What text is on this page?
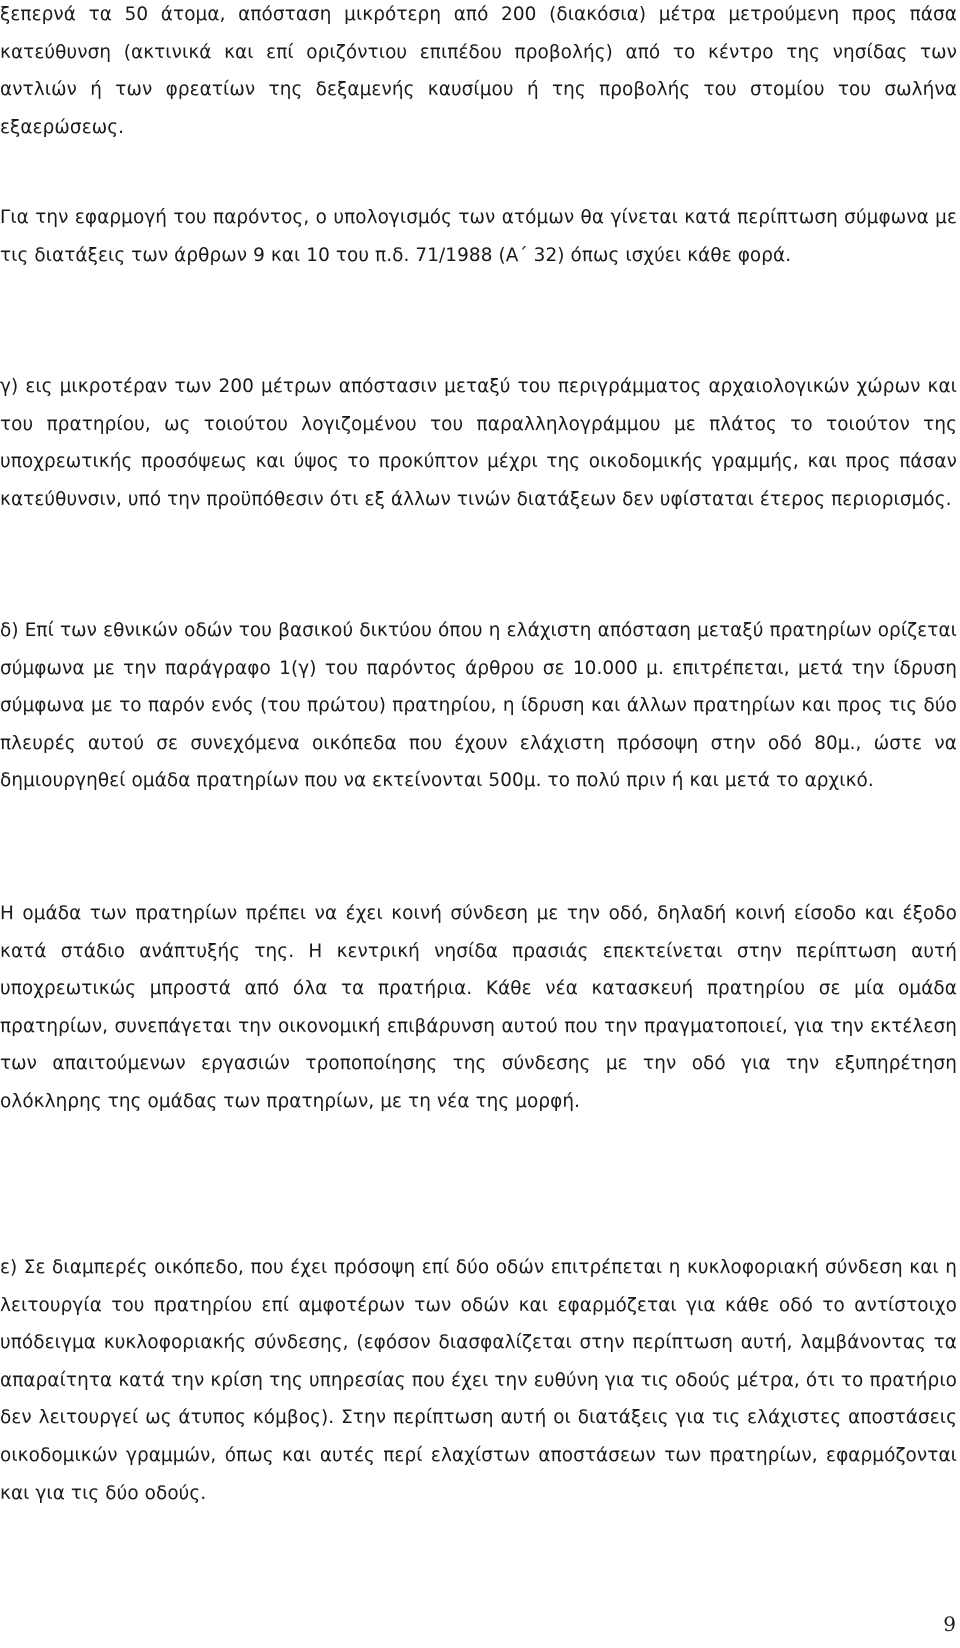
ξεπερνά τα 50 άτομα, απόσταση μικρότερη από 200 (διακόσια) μέτρα μετρούμενη προς πάσα κατεύθυνση (ακτινικά και επί οριζόντιου επιπέδου προβολής) από το κέντρο της νησίδας των αντλιών ή των φρεατίων της δεξαμενής καυσίμου ή της προβολής του στομίου του σωλήνα εξαερώσεως.

Για την εφαρμογή του παρόντος, ο υπολογισμός των ατόμων θα γίνεται κατά περίπτωση σύμφωνα με τις διατάξεις των άρθρων 9 και 10 του π.δ. 71/1988 (Α΄ 32) όπως ισχύει κάθε φορά.

γ) εις μικροτέραν των 200 μέτρων απόστασιν μεταξύ του περιγράμματος αρχαιολογικών χώρων και του πρατηρίου, ως τοιούτου λογιζομένου του παραλληλογράμμου με πλάτος το τοιούτον της υποχρεωτικής προσόψεως και ύψος το προκύπτον μέχρι της οικοδομικής γραμμής, και προς πάσαν κατεύθυνσιν, υπό την προϋπόθεσιν ότι εξ άλλων τινών διατάξεων δεν υφίσταται έτερος περιορισμός.

δ) Επί των εθνικών οδών του βασικού δικτύου όπου η ελάχιστη απόσταση μεταξύ πρατηρίων ορίζεται σύμφωνα με την παράγραφο 1(γ) του παρόντος άρθρου σε 10.000 μ. επιτρέπεται, μετά την ίδρυση σύμφωνα με το παρόν ενός (του πρώτου) πρατηρίου, η ίδρυση και άλλων πρατηρίων και προς τις δύο πλευρές αυτού σε συνεχόμενα οικόπεδα που έχουν ελάχιστη πρόσοψη στην οδό 80μ., ώστε να δημιουργηθεί ομάδα πρατηρίων που να εκτείνονται 500μ. το πολύ πριν ή και μετά το αρχικό.

Η ομάδα των πρατηρίων πρέπει να έχει κοινή σύνδεση με την οδό, δηλαδή κοινή είσοδο και έξοδο κατά στάδιο ανάπτυξής της. Η κεντρική νησίδα πρασιάς επεκτείνεται στην περίπτωση αυτή υποχρεωτικώς μπροστά από όλα τα πρατήρια. Κάθε νέα κατασκευή πρατηρίου σε μία ομάδα πρατηρίων, συνεπάγεται την οικονομική επιβάρυνση αυτού που την πραγματοποιεί, για την εκτέλεση των απαιτούμενων εργασιών τροποποίησης της σύνδεσης με την οδό για την εξυπηρέτηση ολόκληρης της ομάδας των πρατηρίων, με τη νέα της μορφή.

ε) Σε διαμπερές οικόπεδο, που έχει πρόσοψη επί δύο οδών επιτρέπεται η κυκλοφοριακή σύνδεση και η λειτουργία του πρατηρίου επί αμφοτέρων των οδών και εφαρμόζεται για κάθε οδό το αντίστοιχο υπόδειγμα κυκλοφοριακής σύνδεσης, (εφόσον διασφαλίζεται στην περίπτωση αυτή, λαμβάνοντας τα απαραίτητα κατά την κρίση της υπηρεσίας που έχει την ευθύνη για τις οδούς μέτρα, ότι το πρατήριο δεν λειτουργεί ως άτυπος κόμβος). Στην περίπτωση αυτή οι διατάξεις για τις ελάχιστες αποστάσεις οικοδομικών γραμμών, όπως και αυτές περί ελαχίστων αποστάσεων των πρατηρίων, εφαρμόζονται και για τις δύο οδούς.

9
